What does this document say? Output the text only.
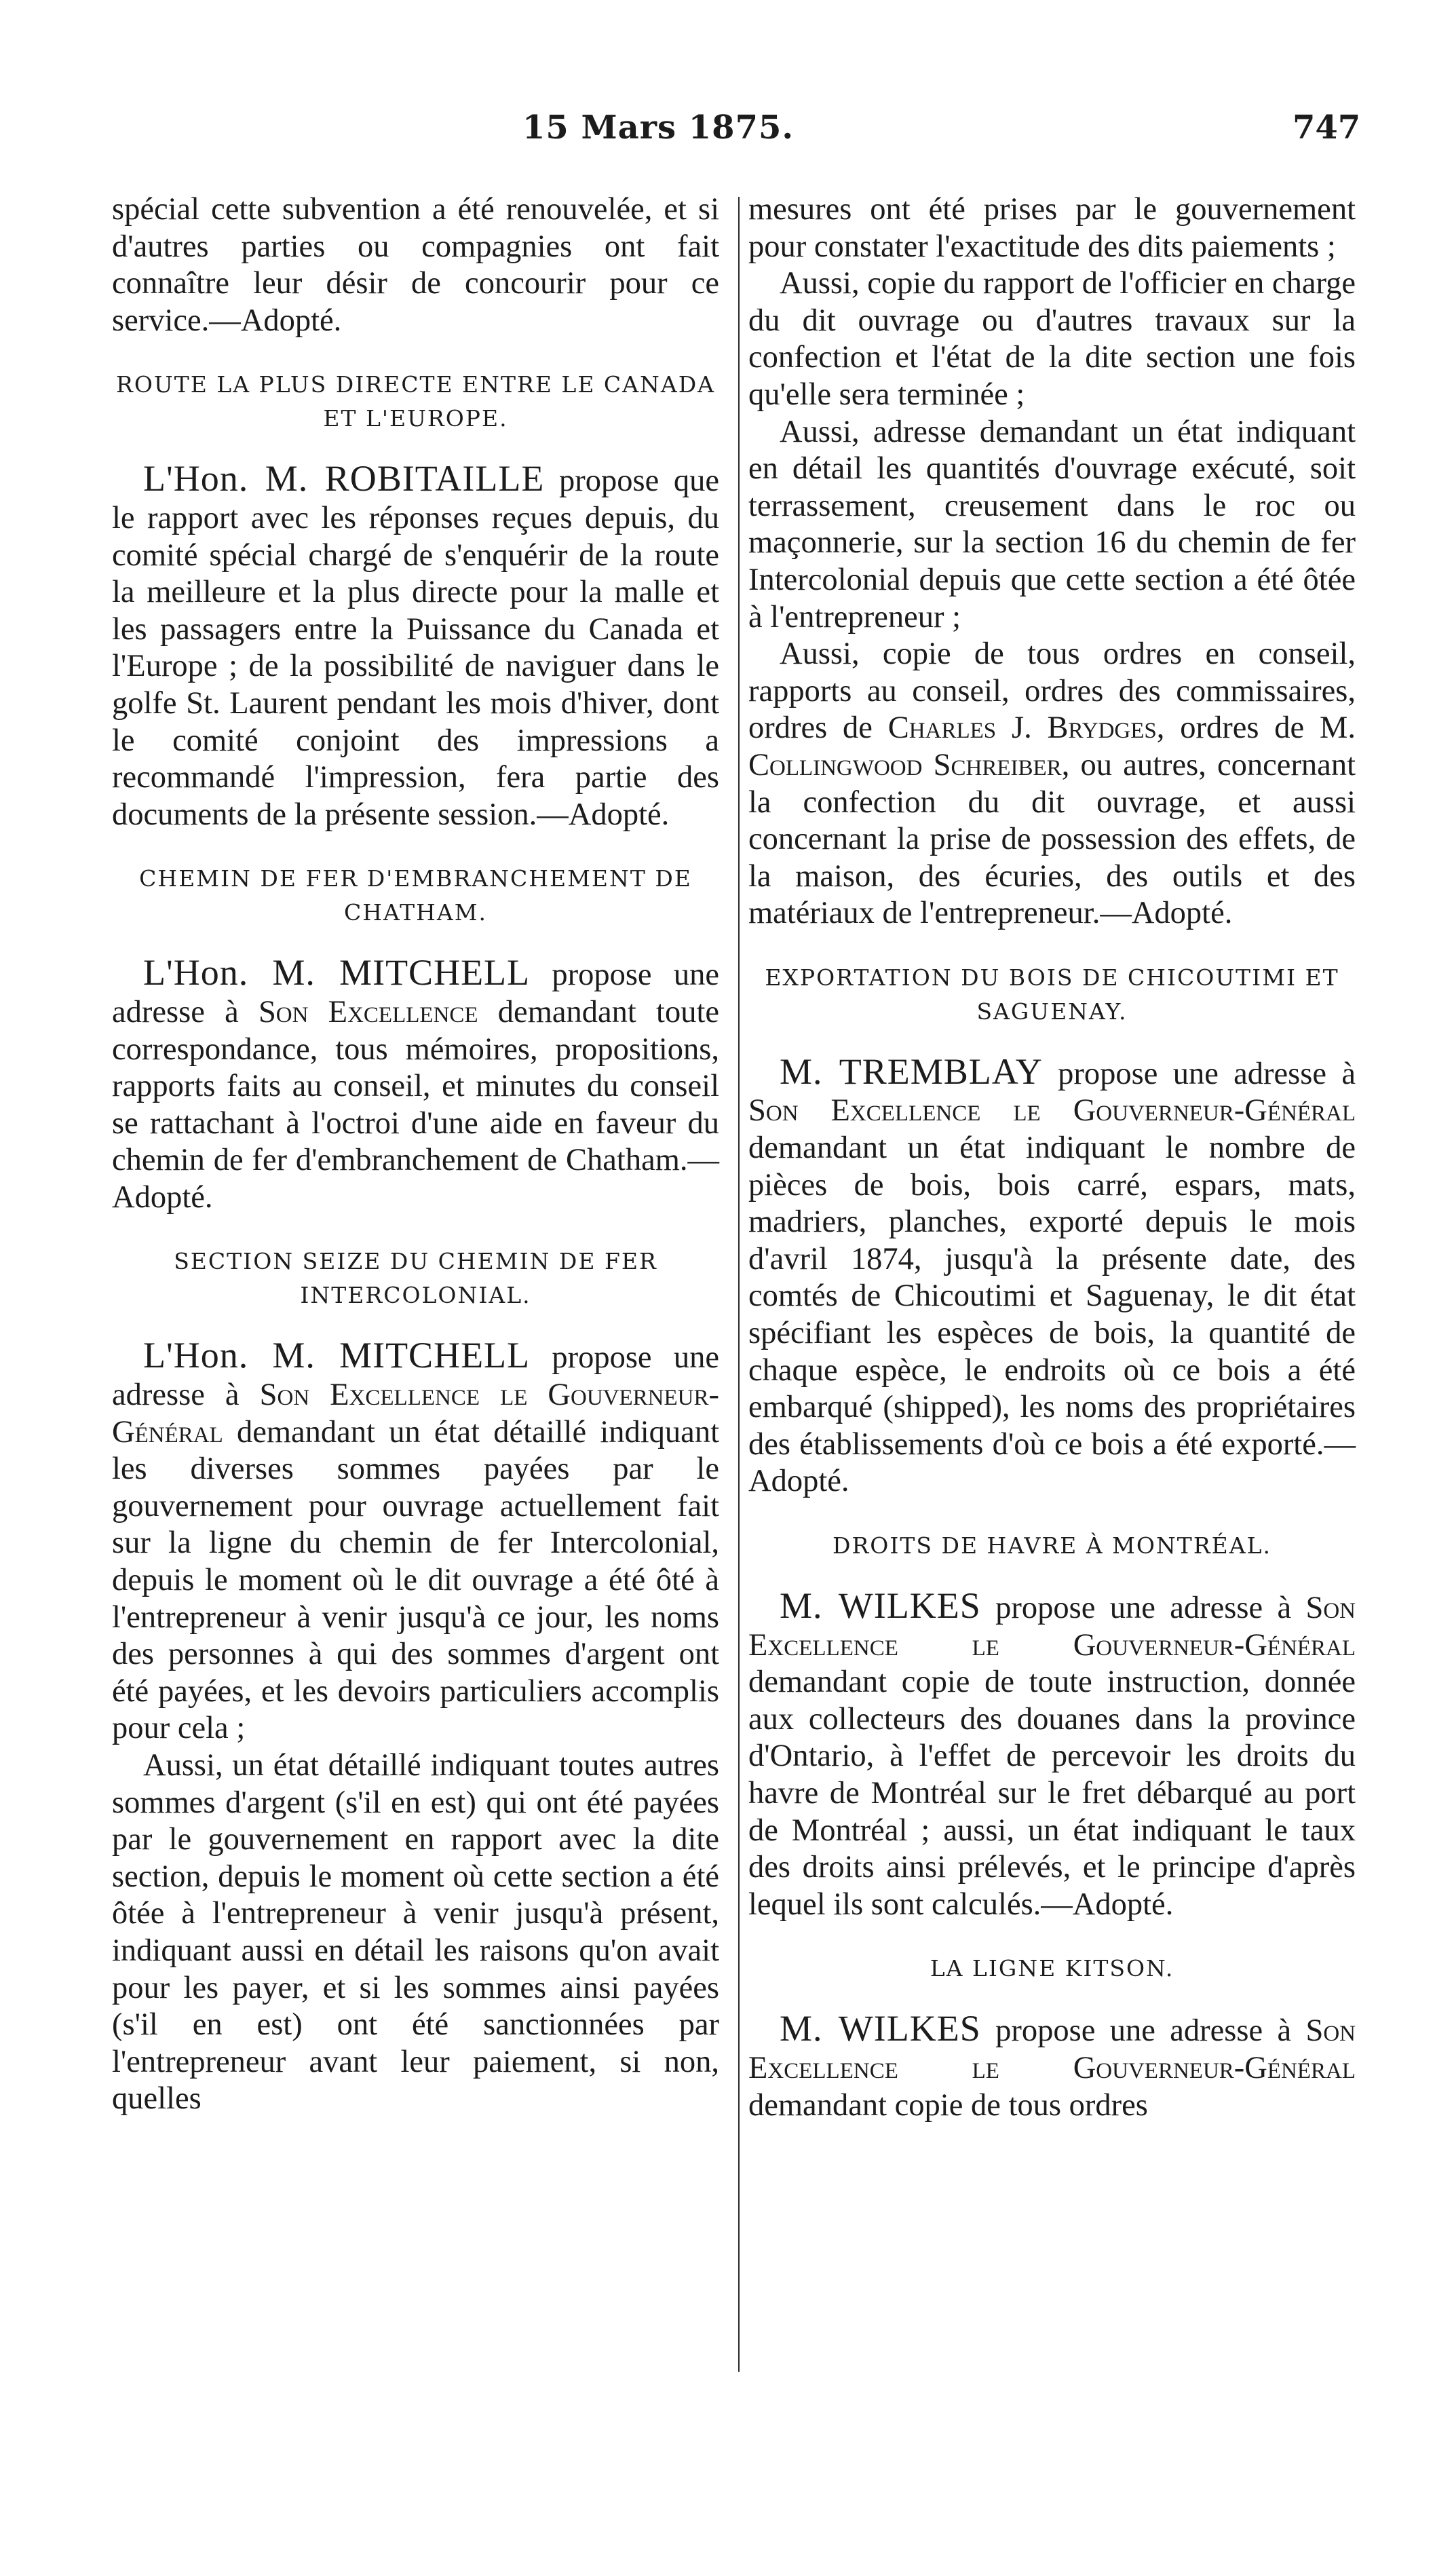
15 Mars 1875.	747

spécial cette subvention a été renouvelée, et si d'autres parties ou compagnies ont fait connaître leur désir de concourir pour ce service.—Adopté.

ROUTE LA PLUS DIRECTE ENTRE LE CANADA ET L'EUROPE.

L'Hon. M. ROBITAILLE propose que le rapport avec les réponses reçues depuis, du comité spécial chargé de s'enquérir de la route la meilleure et la plus directe pour la malle et les passagers entre la Puissance du Canada et l'Europe ; de la possibilité de naviguer dans le golfe St. Laurent pendant les mois d'hiver, dont le comité conjoint des impressions a recommandé l'impression, fera partie des documents de la présente session.—Adopté.

CHEMIN DE FER D'EMBRANCHEMENT DE CHATHAM.

L'Hon. M. MITCHELL propose une adresse à Son Excellence demandant toute correspondance, tous mémoires, propositions, rapports faits au conseil, et minutes du conseil se rattachant à l'octroi d'une aide en faveur du chemin de fer d'embranchement de Chatham.—Adopté.

SECTION SEIZE DU CHEMIN DE FER INTERCOLONIAL.

L'Hon. M. MITCHELL propose une adresse à Son Excellence le Gouverneur-Général demandant un état détaillé indiquant les diverses sommes payées par le gouvernement pour ouvrage actuellement fait sur la ligne du chemin de fer Intercolonial, depuis le moment où le dit ouvrage a été ôté à l'entrepreneur à venir jusqu'à ce jour, les noms des personnes à qui des sommes d'argent ont été payées, et les devoirs particuliers accomplis pour cela ;

Aussi, un état détaillé indiquant toutes autres sommes d'argent (s'il en est) qui ont été payées par le gouvernement en rapport avec la dite section, depuis le moment où cette section a été ôtée à l'entrepreneur à venir jusqu'à présent, indiquant aussi en détail les raisons qu'on avait pour les payer, et si les sommes ainsi payées (s'il en est) ont été sanctionnées par l'entrepreneur avant leur paiement, si non, quelles

mesures ont été prises par le gouvernement pour constater l'exactitude des dits paiements ;

Aussi, copie du rapport de l'officier en charge du dit ouvrage ou d'autres travaux sur la confection et l'état de la dite section une fois qu'elle sera terminée ;

Aussi, adresse demandant un état indiquant en détail les quantités d'ouvrage exécuté, soit terrassement, creusement dans le roc ou maçonnerie, sur la section 16 du chemin de fer Intercolonial depuis que cette section a été ôtée à l'entrepreneur ;

Aussi, copie de tous ordres en conseil, rapports au conseil, ordres des commissaires, ordres de Charles J. Brydges, ordres de M. Collingwood Schreiber, ou autres, concernant la confection du dit ouvrage, et aussi concernant la prise de possession des effets, de la maison, des écuries, des outils et des matériaux de l'entrepreneur.—Adopté.

EXPORTATION DU BOIS DE CHICOUTIMI ET SAGUENAY.

M. TREMBLAY propose une adresse à Son Excellence le Gouverneur-Général demandant un état indiquant le nombre de pièces de bois, bois carré, espars, mats, madriers, planches, exporté depuis le mois d'avril 1874, jusqu'à la présente date, des comtés de Chicoutimi et Saguenay, le dit état spécifiant les espèces de bois, la quantité de chaque espèce, le endroits où ce bois a été embarqué (shipped), les noms des propriétaires des établissements d'où ce bois a été exporté.—Adopté.

DROITS DE HAVRE À MONTRÉAL.

M. WILKES propose une adresse à Son Excellence le Gouverneur-Général demandant copie de toute instruction, donnée aux collecteurs des douanes dans la province d'Ontario, à l'effet de percevoir les droits du havre de Montréal sur le fret débarqué au port de Montréal ; aussi, un état indiquant le taux des droits ainsi prélevés, et le principe d'après lequel ils sont calculés.—Adopté.

LA LIGNE KITSON.

M. WILKES propose une adresse à Son Excellence le Gouverneur-Général demandant copie de tous ordres
